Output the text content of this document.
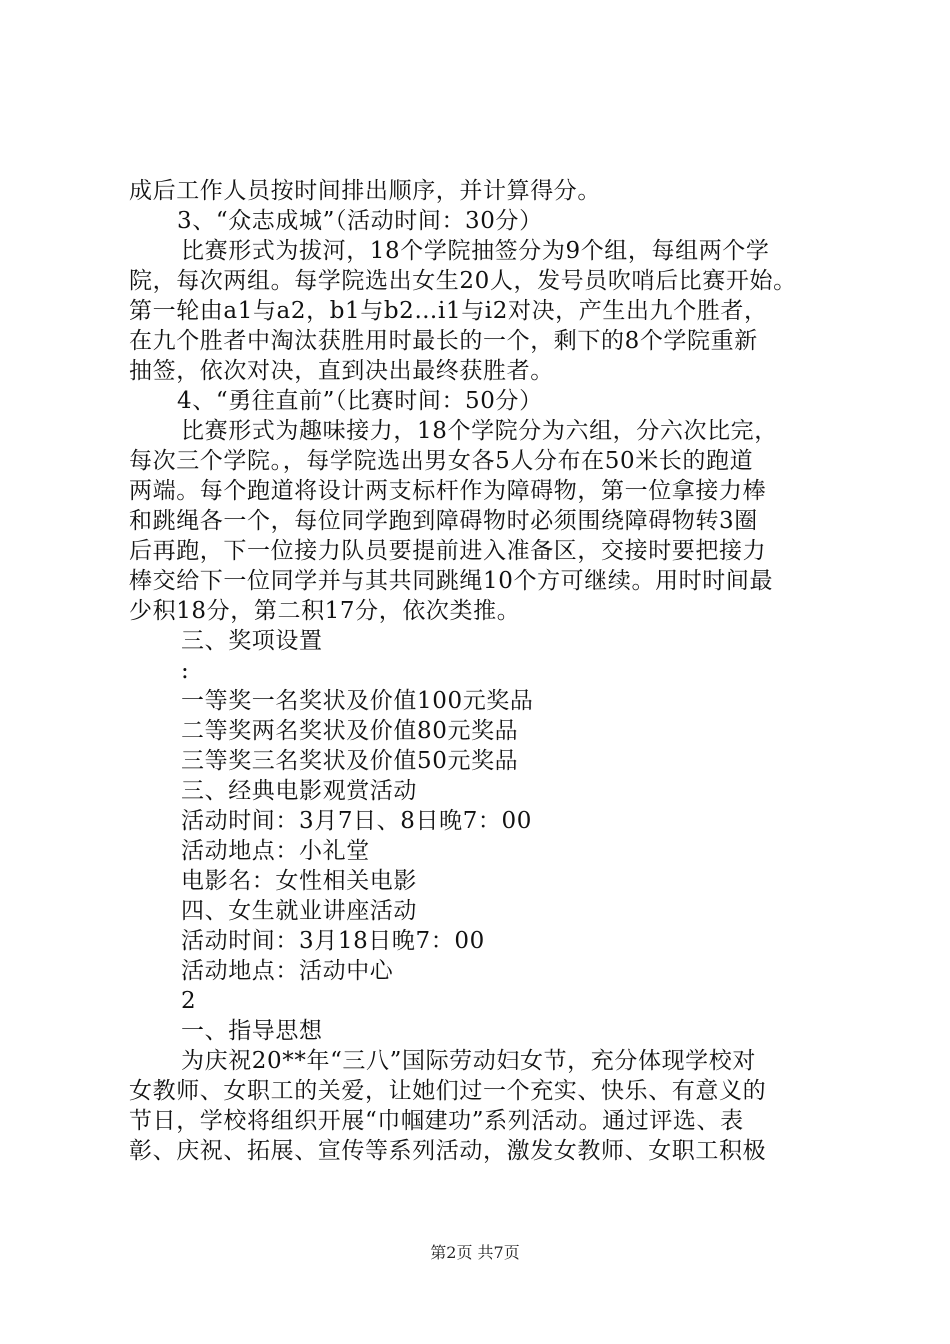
成后工作人员按时间排出顺序，并计算得分。
3、“众志成城”（活动时间：30分）
比赛形式为拔河，18个学院抽签分为9个组，每组两个学
院，每次两组。每学院选出女生20人，发号员吹哨后比赛开始。
第一轮由a1与a2，b1与b2…i1与i2对决，产生出九个胜者，
在九个胜者中淘汰获胜用时最长的一个，剩下的8个学院重新
抽签，依次对决，直到决出最终获胜者。
4、“勇往直前”（比赛时间：50分）
比赛形式为趣味接力，18个学院分为六组，分六次比完，
每次三个学院。，每学院选出男女各5人分布在50米长的跑道
两端。每个跑道将设计两支标杆作为障碍物，第一位拿接力棒
和跳绳各一个，每位同学跑到障碍物时必须围绕障碍物转3圈
后再跑，下一位接力队员要提前进入准备区，交接时要把接力
棒交给下一位同学并与其共同跳绳10个方可继续。用时时间最
少积18分，第二积17分，依次类推。
三、奖项设置
:
一等奖一名奖状及价值100元奖品
二等奖两名奖状及价值80元奖品
三等奖三名奖状及价值50元奖品
三、经典电影观赏活动
活动时间：3月7日、8日晚7：00
活动地点：小礼堂
电影名：女性相关电影
四、女生就业讲座活动
活动时间：3月18日晚7：00
活动地点：活动中心
2
一、指导思想
为庆祝20**年“三八”国际劳动妇女节，充分体现学校对
女教师、女职工的关爱，让她们过一个充实、快乐、有意义的
节日，学校将组织开展“巾帼建功”系列活动。通过评选、表
彰、庆祝、拓展、宣传等系列活动，激发女教师、女职工积极
第2页 共7页
